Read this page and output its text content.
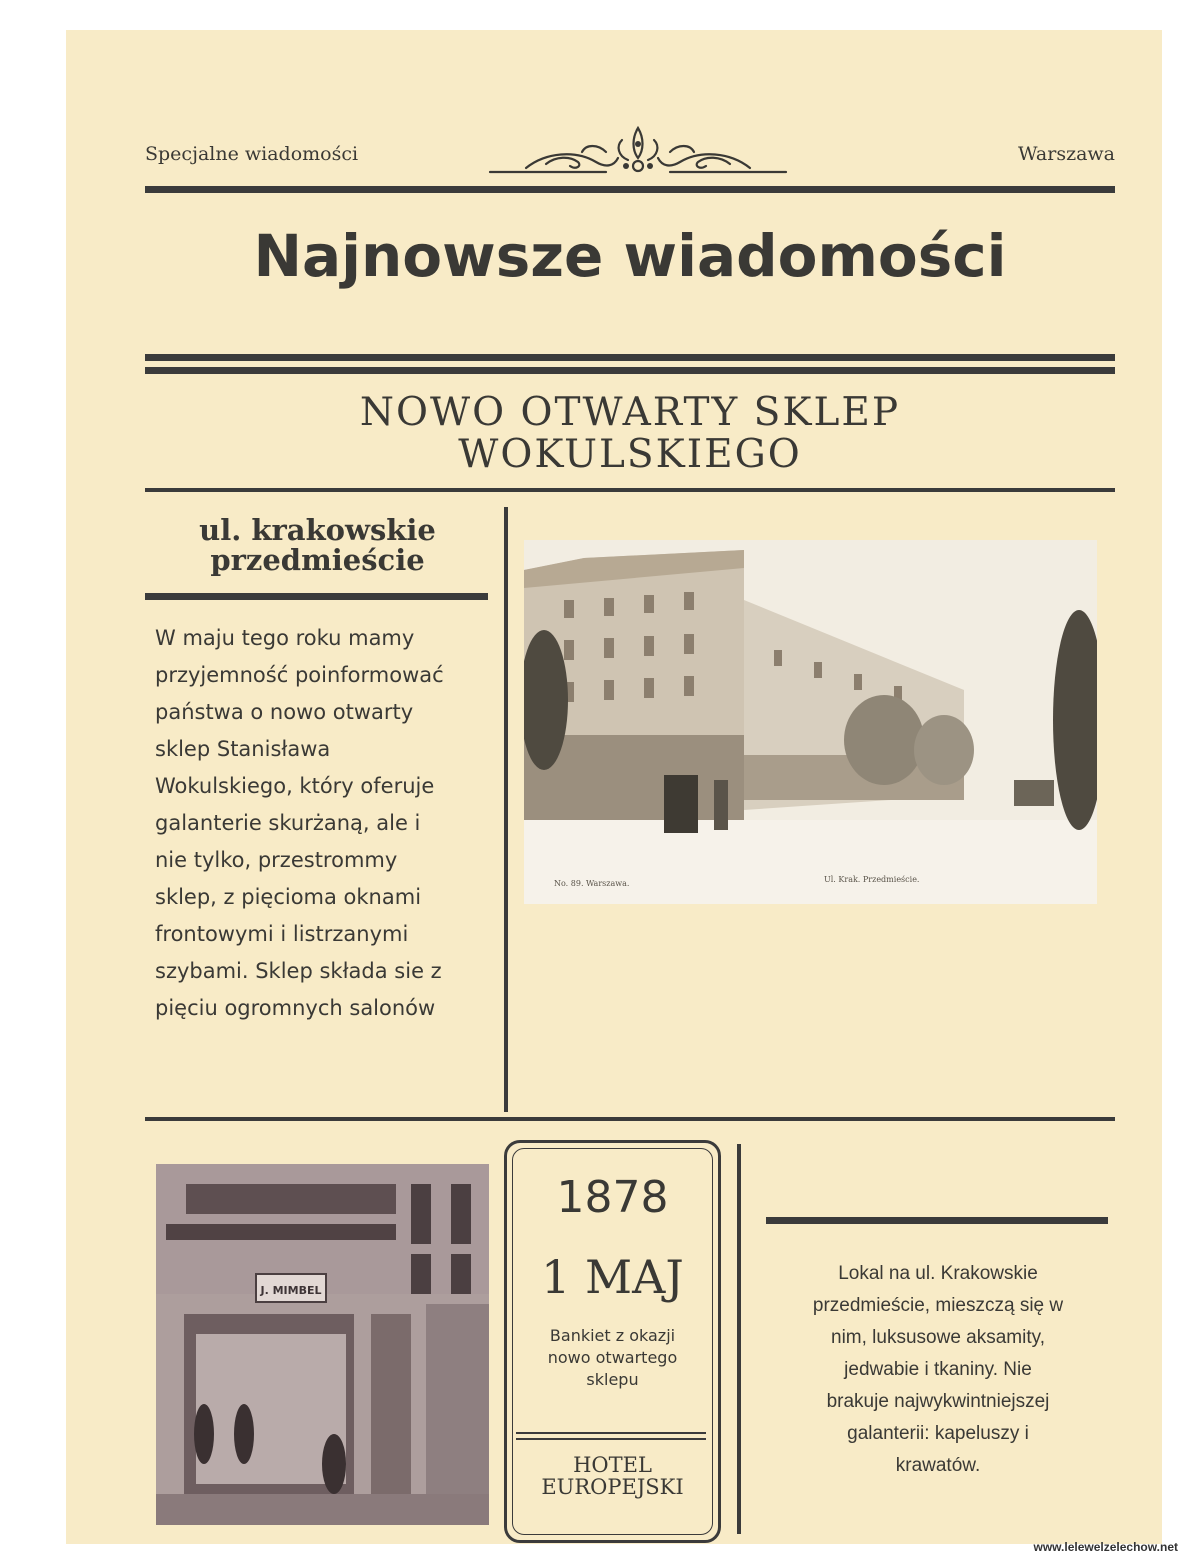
Specjalne wiadomości	Warszawa
Najnowsze wiadomości
NOWO OTWARTY SKLEP
WOKULSKIEGO
ul. krakowskie
przedmieście
W maju tego roku mamy
przyjemność poinformować
państwa o nowo otwarty
sklep Stanisława
Wokulskiego, który oferuje
galanterie skurżaną, ale i
nie tylko, przestrommy
sklep, z pięcioma oknami
frontowymi i listrzanymi
szybami. Sklep składa sie z
pięciu ogromnych salonów
No. 89. Warszawa.	Ul. Krak. Przedmieście.
J. MIMBEL
1878
1 MAJ
Bankiet z okazji
nowo otwartego
sklepu
HOTEL
EUROPEJSKI
Lokal na ul. Krakowskie
przedmieście, mieszczą się w
nim, luksusowe aksamity,
jedwabie i tkaniny. Nie
brakuje najwykwintniejszej
galanterii: kapeluszy i
krawatów.
www.lelewelzelechow.net
